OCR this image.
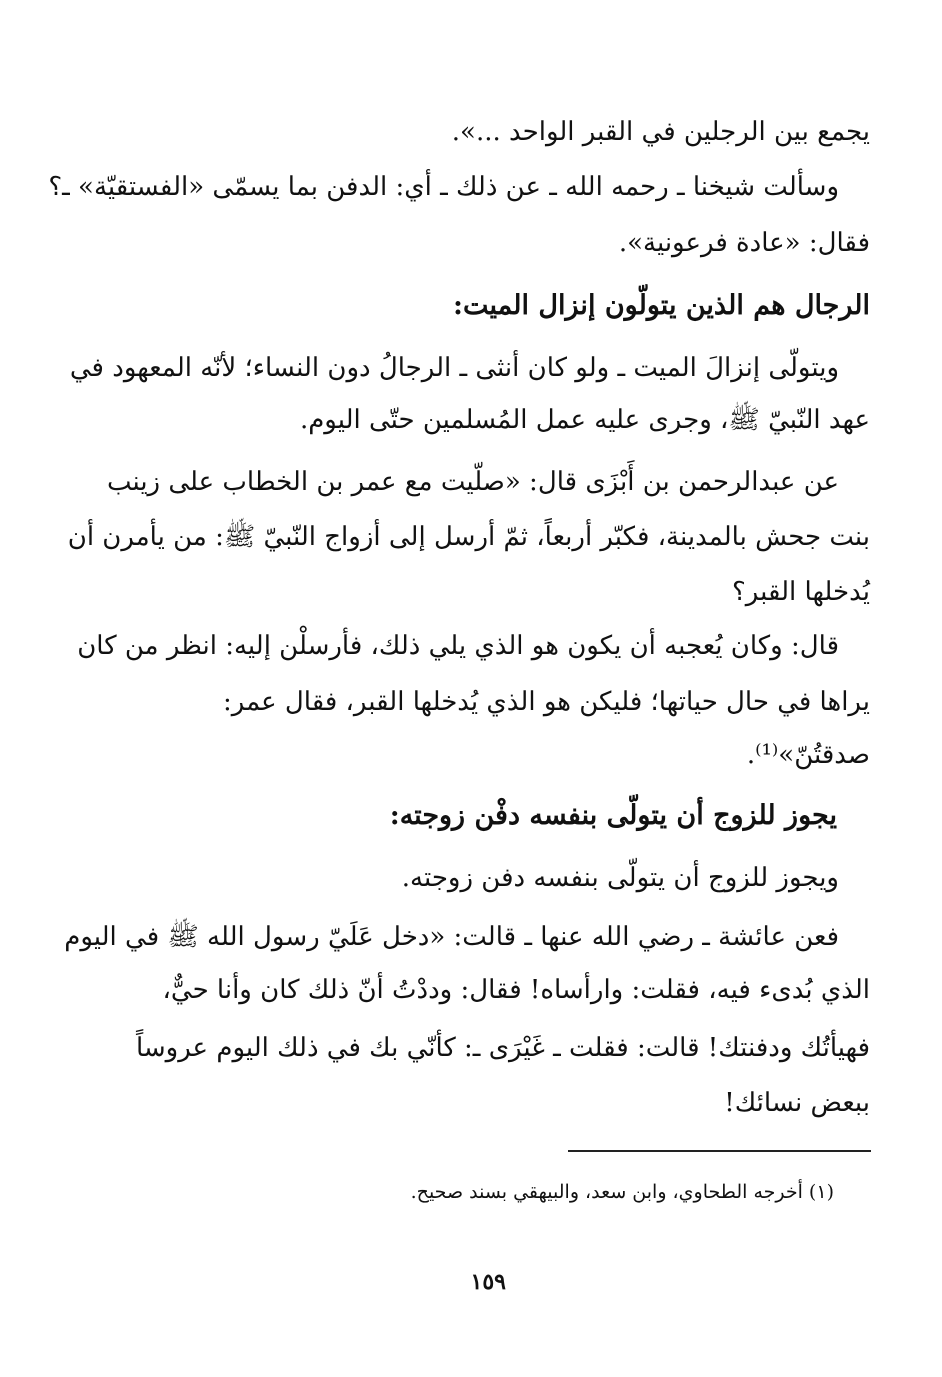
يجمع بين الرجلين في القبر الواحد ...».
وسألت شيخنا ـ رحمه الله ـ عن ذلك ـ أي: الدفن بما يسمّى «الفستقيّة» ـ؟
فقال: «عادة فرعونية».
الرجال هم الذين يتولّون إنزال الميت:
ويتولّى إنزالَ الميت ـ ولو كان أنثى ـ الرجالُ دون النساء؛ لأنّه المعهود في
عهد النّبيّ ﷺ، وجرى عليه عمل المُسلمين حتّى اليوم.
عن عبدالرحمن بن أَبْزَى قال: «صلّيت مع عمر بن الخطاب على زينب
بنت جحش بالمدينة، فكبّر أربعاً، ثمّ أرسل إلى أزواج النّبيّ ﷺ: من يأمرن أن
يُدخلها القبر؟
قال: وكان يُعجبه أن يكون هو الذي يلي ذلك، فأرسلْن إليه: انظر من كان
يراها في حال حياتها؛ فليكن هو الذي يُدخلها القبر، فقال عمر:
صدقتُنّ»⁽¹⁾.
يجوز للزوج أن يتولّى بنفسه دفْن زوجته:
ويجوز للزوج أن يتولّى بنفسه دفن زوجته.
فعن عائشة ـ رضي الله عنها ـ قالت: «دخل عَلَيّ رسول الله ﷺ في اليوم
الذي بُدىء فيه، فقلت: وارأساه! فقال: وددْتُ أنّ ذلك كان وأنا حيٌّ،
فهيأتُك ودفنتك! قالت: فقلت ـ غَيْرَى ـ: كأنّي بك في ذلك اليوم عروساً
ببعض نسائك!
(١) أخرجه الطحاوي، وابن سعد، والبيهقي بسند صحيح.
١٥٩
